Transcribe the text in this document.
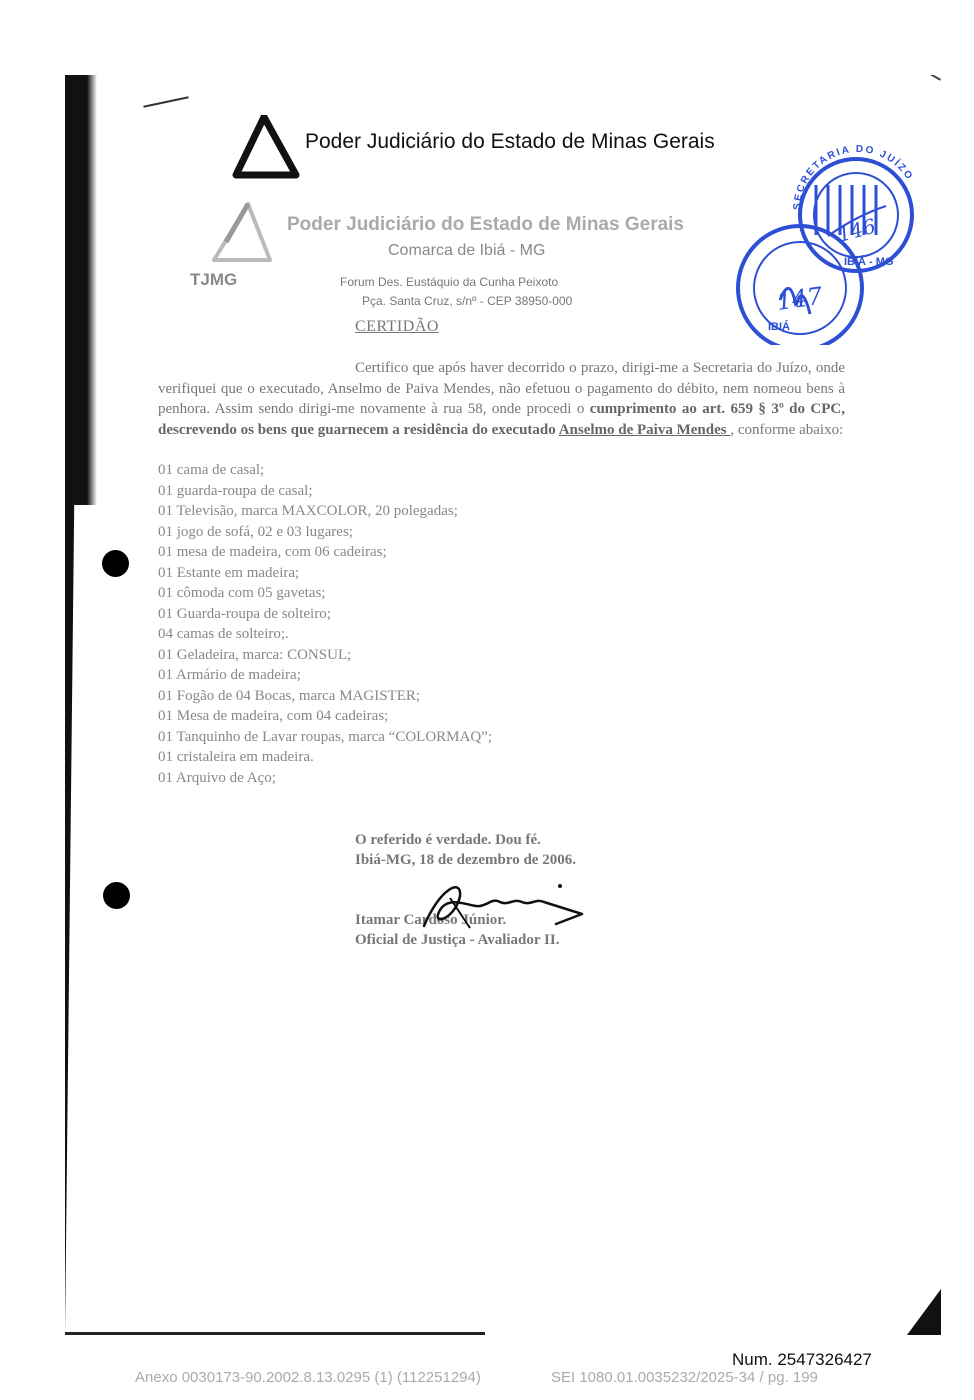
Poder Judiciário do Estado de Minas Gerais
TJMG
Poder Judiciário do Estado de Minas Gerais
Comarca de Ibiá - MG
Forum Des. Eustáquio da Cunha Peixoto
Pça. Santa Cruz, s/nº - CEP 38950-000
SECRETARIA DO JUÍZO
IBIÁ - MG
IBIÁ
146
147
CERTIDÃO
Certifico que após haver decorrido o prazo, dirigi-me a Secretaria do Juízo, onde verifiquei que o executado, Anselmo de Paiva Mendes, não efetuou o pagamento do débito, nem nomeou bens à penhora. Assim sendo dirigi-me novamente à rua 58, onde procedi o cumprimento ao art. 659 § 3º do CPC, descrevendo os bens que guarnecem a residência do executado Anselmo de Paiva Mendes , conforme abaixo:
01 cama de casal;
01 guarda-roupa de casal;
01 Televisão, marca MAXCOLOR, 20 polegadas;
01 jogo de sofá, 02 e 03 lugares;
01 mesa de madeira, com 06 cadeiras;
01 Estante em madeira;
01 cômoda com 05 gavetas;
01 Guarda-roupa de solteiro;
04 camas de solteiro;.
01 Geladeira, marca: CONSUL;
01 Armário de madeira;
01 Fogão de 04 Bocas, marca MAGISTER;
01 Mesa de madeira, com 04 cadeiras;
01 Tanquinho de Lavar roupas, marca “COLORMAQ”;
01 cristaleira em madeira.
01 Arquivo de Aço;
O referido é verdade. Dou fé.
Ibiá-MG, 18 de dezembro de 2006.
Itamar Cardoso Júnior.
Oficial de Justiça - Avaliador II.
Num. 2547326427
Anexo 0030173-90.2002.8.13.0295 (1) (112251294)	SEI 1080.01.0035232/2025-34 / pg. 199
